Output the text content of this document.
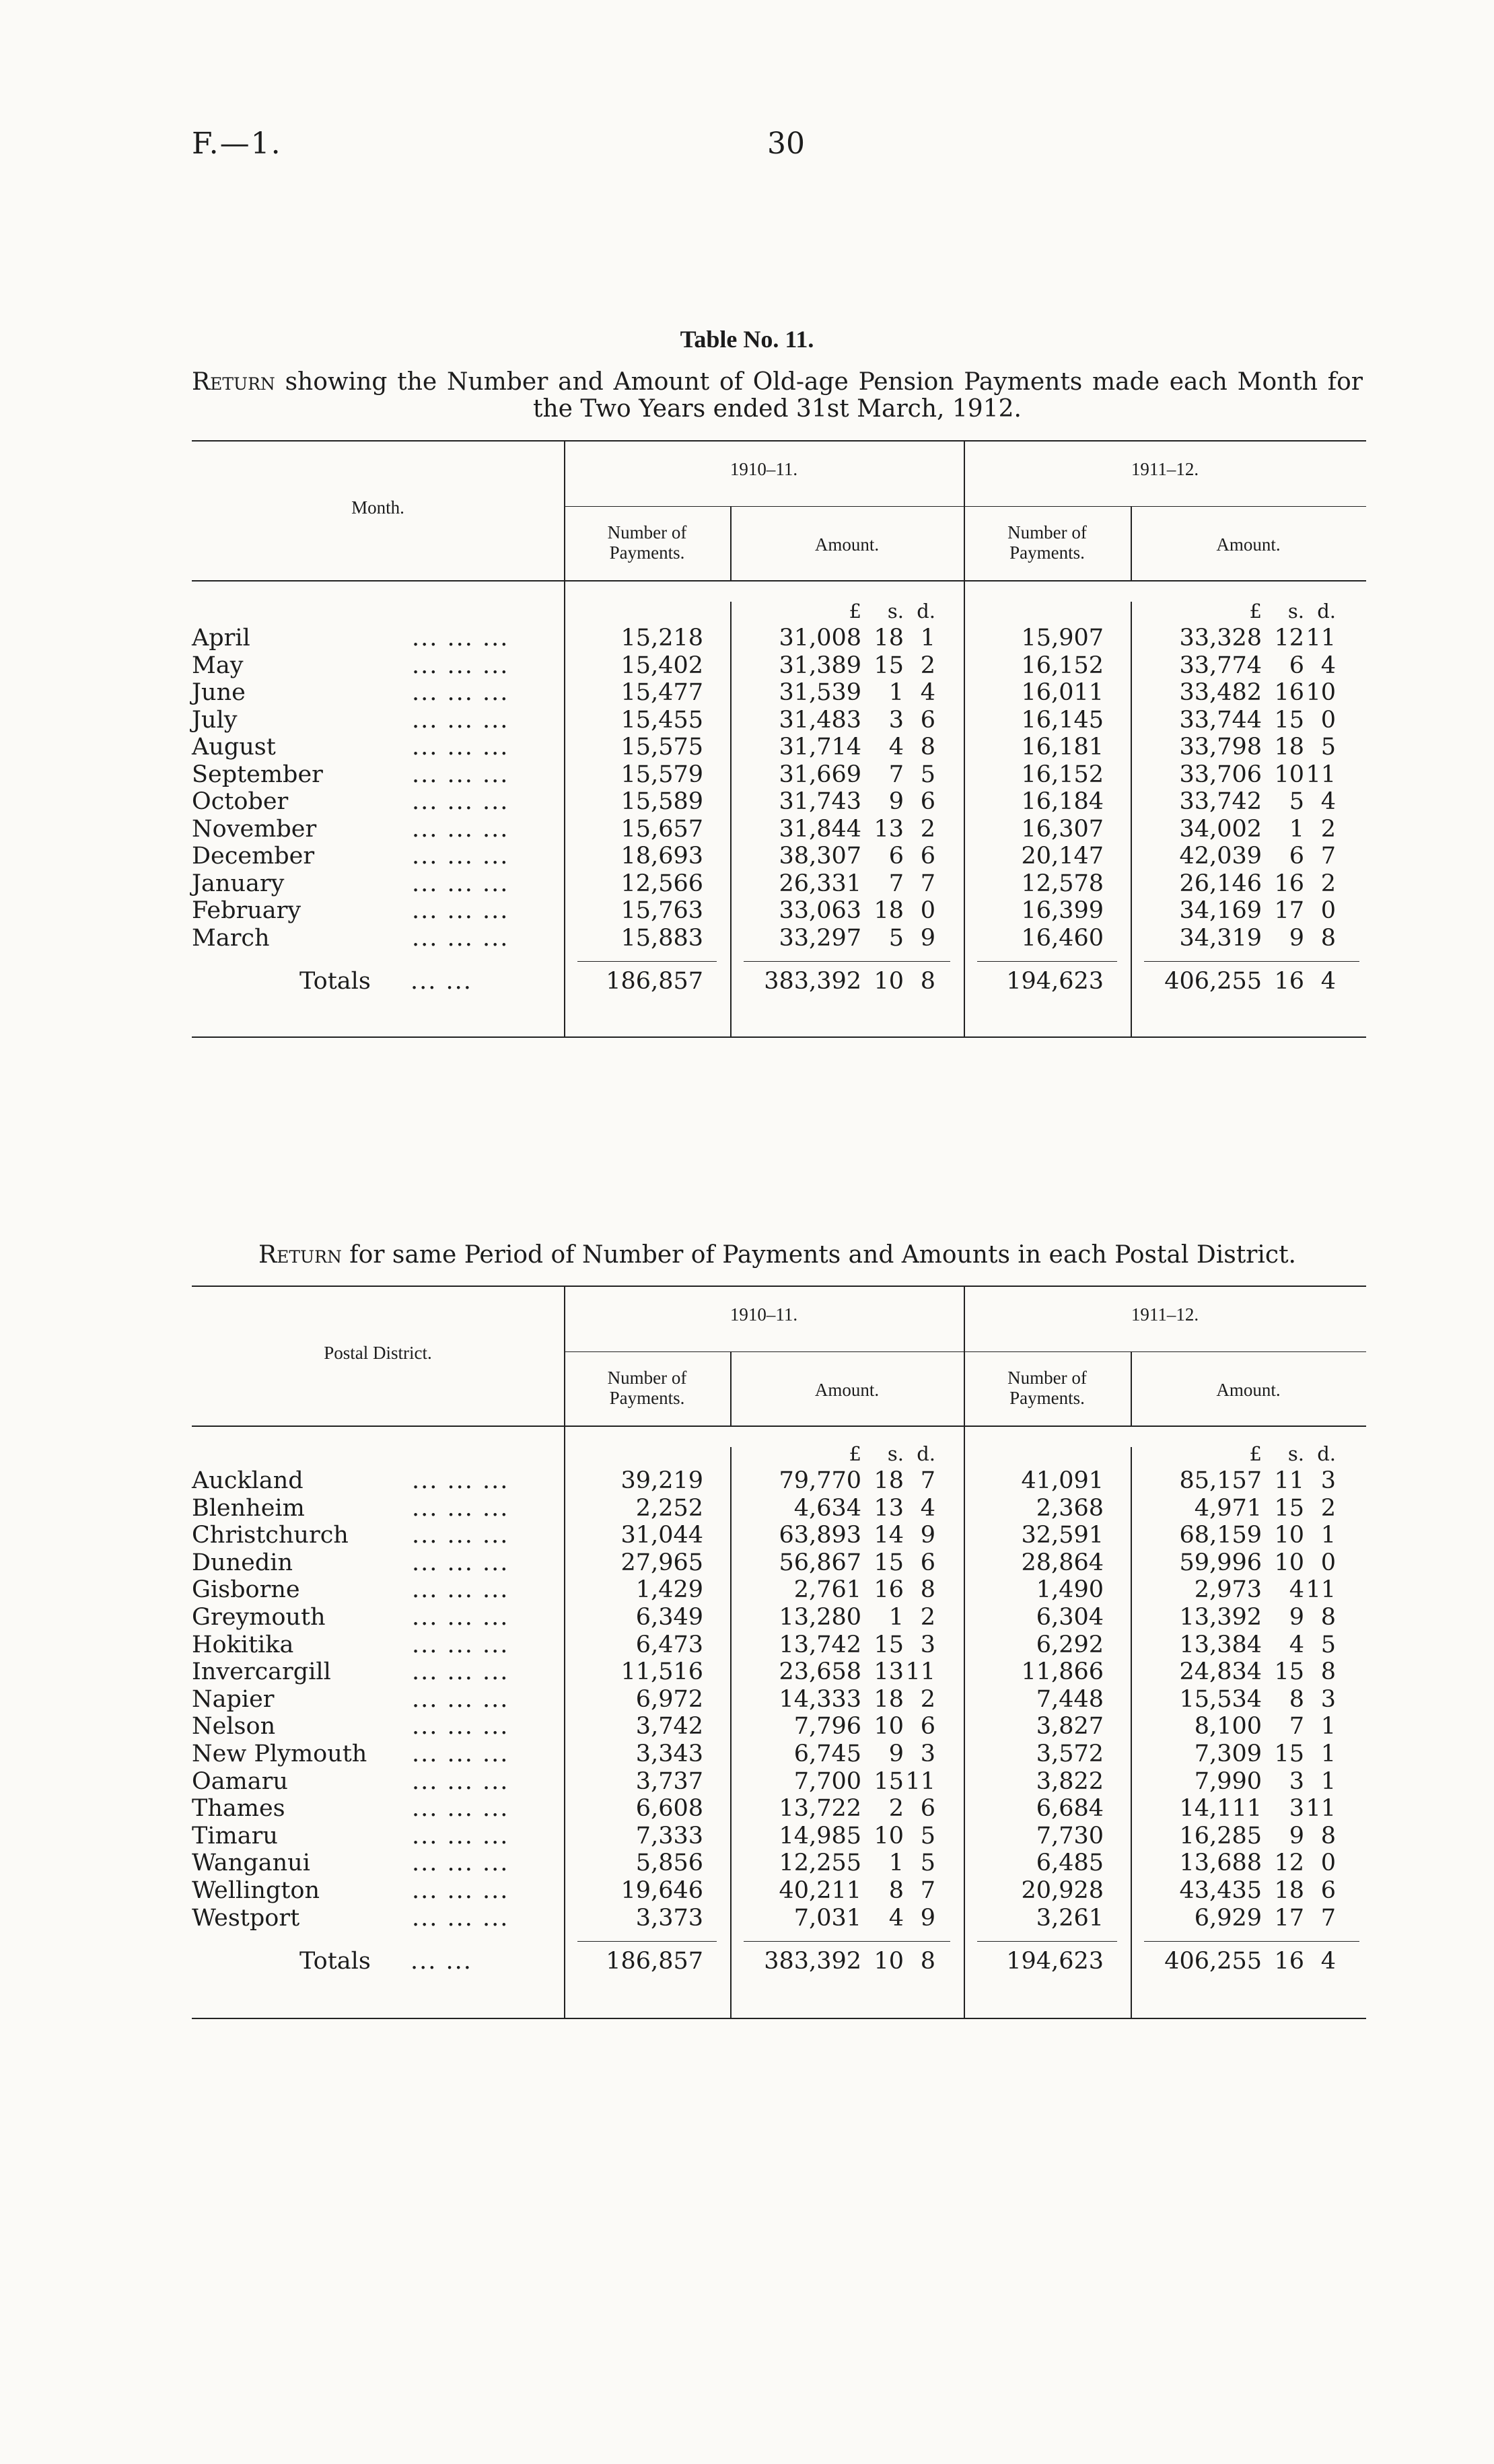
F.—1.	30
Table No. 11.
Return showing the Number and Amount of Old-age Pension Payments made each Month for
the Two Years ended 31st March, 1912.
Month.
1910–11.	1911–12.
Number of Payments.	Amount.
Number of Payments.	Amount.
£	s. d.	£	s. d.
April	... ... ...	15,218	31,008 18 1	15,907	33,328 12 11
May	... ... ...	15,402	31,389 15 2	16,152	33,774	6 4
June	... ... ...	15,477	31,539	1 4	16,011	33,482 16 10
July	... ... ...	15,455	31,483	3 6	16,145	33,744 15 0
August	... ... ...	15,575	31,714	4 8	16,181	33,798 18 5
September	... ... ...	15,579	31,669	7 5	16,152	33,706 10 11
October	... ... ...	15,589	31,743	9 6	16,184	33,742	5 4
November	... ... ...	15,657	31,844 13 2	16,307	34,002	1 2
December	... ... ...	18,693	38,307	6 6	20,147	42,039	6 7
January	... ... ...	12,566	26,331	7 7	12,578	26,146 16 2
February	... ... ...	15,763	33,063 18 0	16,399	34,169 17 0
March	... ... ...	15,883	33,297	5 9	16,460	34,319	9 8
Totals ... ...	186,857	383,392 10 8	194,623	406,255 16 4
Return for same Period of Number of Payments and Amounts in each Postal District.
Postal District.
1910–11.	1911–12.
Number of Payments.	Amount.
Number of Payments.	Amount.
£	s. d.	£	s. d.
Auckland	... ... ...	39,219	79,770 18 7	41,091	85,157 11 3
Blenheim	... ... ...	2,252	4,634 13 4	2,368	4,971 15 2
Christchurch	... ... ...	31,044	63,893 14 9	32,591	68,159 10 1
Dunedin	... ... ...	27,965	56,867 15 6	28,864	59,996 10 0
Gisborne	... ... ...	1,429	2,761 16 8	1,490	2,973	4 11
Greymouth	... ... ...	6,349	13,280	1 2	6,304	13,392	9 8
Hokitika	... ... ...	6,473	13,742 15 3	6,292	13,384	4 5
Invercargill	... ... ...	11,516	23,658 13 11	11,866	24,834 15 8
Napier	... ... ...	6,972	14,333 18 2	7,448	15,534	8 3
Nelson	... ... ...	3,742	7,796 10 6	3,827	8,100	7 1
New Plymouth ... ... ...	3,343	6,745	9 3	3,572	7,309 15 1
Oamaru	... ... ...	3,737	7,700 15 11	3,822	7,990	3 1
Thames	... ... ...	6,608	13,722	2 6	6,684	14,111	3 11
Timaru	... ... ...	7,333	14,985 10 5	7,730	16,285	9 8
Wanganui	... ... ...	5,856	12,255	1 5	6,485	13,688 12 0
Wellington	... ... ...	19,646	40,211	8 7	20,928	43,435 18 6
Westport	... ... ...	3,373	7,031	4 9	3,261	6,929 17 7
Totals ... ...	186,857	383,392 10 8	194,623	406,255 16 4
